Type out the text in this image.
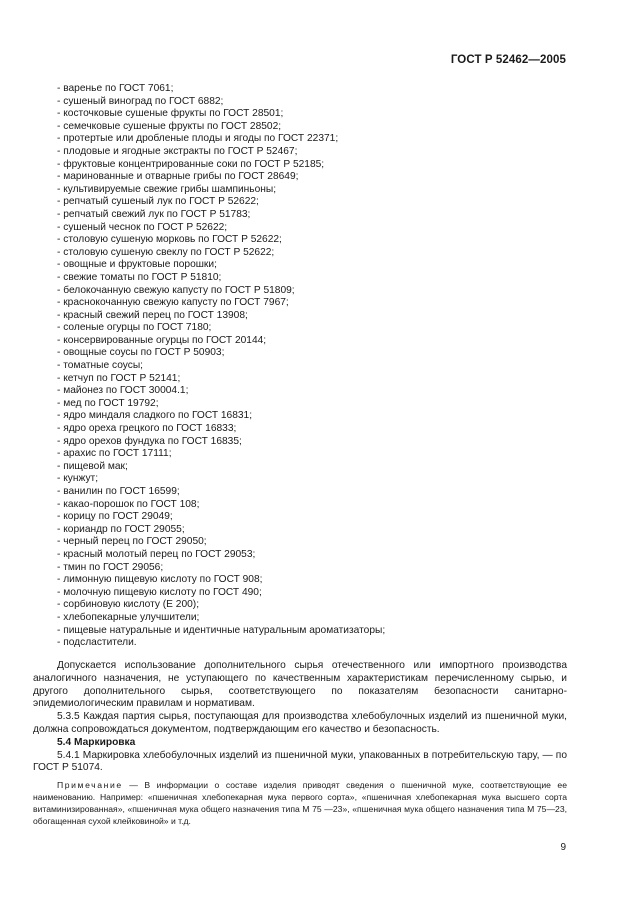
ГОСТ Р 52462—2005
- варенье по ГОСТ 7061;
- сушеный виноград по ГОСТ 6882;
- косточковые сушеные фрукты по ГОСТ 28501;
- семечковые сушеные фрукты по ГОСТ 28502;
- протертые или дробленые плоды и ягоды по ГОСТ 22371;
- плодовые и ягодные экстракты по ГОСТ Р 52467;
- фруктовые концентрированные соки по ГОСТ Р 52185;
- маринованные и отварные грибы по ГОСТ 28649;
- культивируемые свежие грибы шампиньоны;
- репчатый сушеный лук по ГОСТ Р 52622;
- репчатый свежий лук по ГОСТ Р 51783;
- сушеный чеснок по ГОСТ Р 52622;
- столовую сушеную морковь по ГОСТ Р 52622;
- столовую сушеную свеклу по ГОСТ Р 52622;
- овощные и фруктовые порошки;
- свежие томаты по ГОСТ Р 51810;
- белокочанную свежую капусту по ГОСТ Р 51809;
- краснокочанную свежую капусту по ГОСТ 7967;
- красный свежий перец по ГОСТ 13908;
- соленые огурцы по ГОСТ 7180;
- консервированные огурцы по ГОСТ 20144;
- овощные соусы по ГОСТ Р 50903;
- томатные соусы;
- кетчуп по ГОСТ Р 52141;
- майонез по ГОСТ 30004.1;
- мед по ГОСТ 19792;
- ядро миндаля сладкого по ГОСТ 16831;
- ядро ореха грецкого по ГОСТ 16833;
- ядро орехов фундука по ГОСТ 16835;
- арахис по ГОСТ 17111;
- пищевой мак;
- кунжут;
- ванилин по ГОСТ 16599;
- какао-порошок по ГОСТ 108;
- корицу по ГОСТ 29049;
- кориандр по ГОСТ 29055;
- черный перец по ГОСТ 29050;
- красный молотый перец по ГОСТ 29053;
- тмин по ГОСТ 29056;
- лимонную пищевую кислоту по ГОСТ 908;
- молочную пищевую кислоту по ГОСТ 490;
- сорбиновую кислоту (Е 200);
- хлебопекарные улучшители;
- пищевые натуральные и идентичные натуральным ароматизаторы;
- подсластители.

Допускается использование дополнительного сырья отечественного или импортного производства аналогичного назначения, не уступающего по качественным характеристикам перечисленному сырью, и другого дополнительного сырья, соответствующего по показателям безопасности санитарно-эпидемиологическим правилам и нормативам.

5.3.5 Каждая партия сырья, поступающая для производства хлебобулочных изделий из пшеничной муки, должна сопровождаться документом, подтверждающим его качество и безопасность.

5.4 Маркировка

5.4.1 Маркировка хлебобулочных изделий из пшеничной муки, упакованных в потребительскую тару, — по ГОСТ Р 51074.

Примечание — В информации о составе изделия приводят сведения о пшеничной муке, соответствующие ее наименованию. Например: «пшеничная хлебопекарная мука первого сорта», «пшеничная хлебопекарная мука высшего сорта витаминизированная», «пшеничная мука общего назначения типа М 75 —23», «пшеничная мука общего назначения типа М 75—23, обогащенная сухой клейковиной» и т.д.

9
